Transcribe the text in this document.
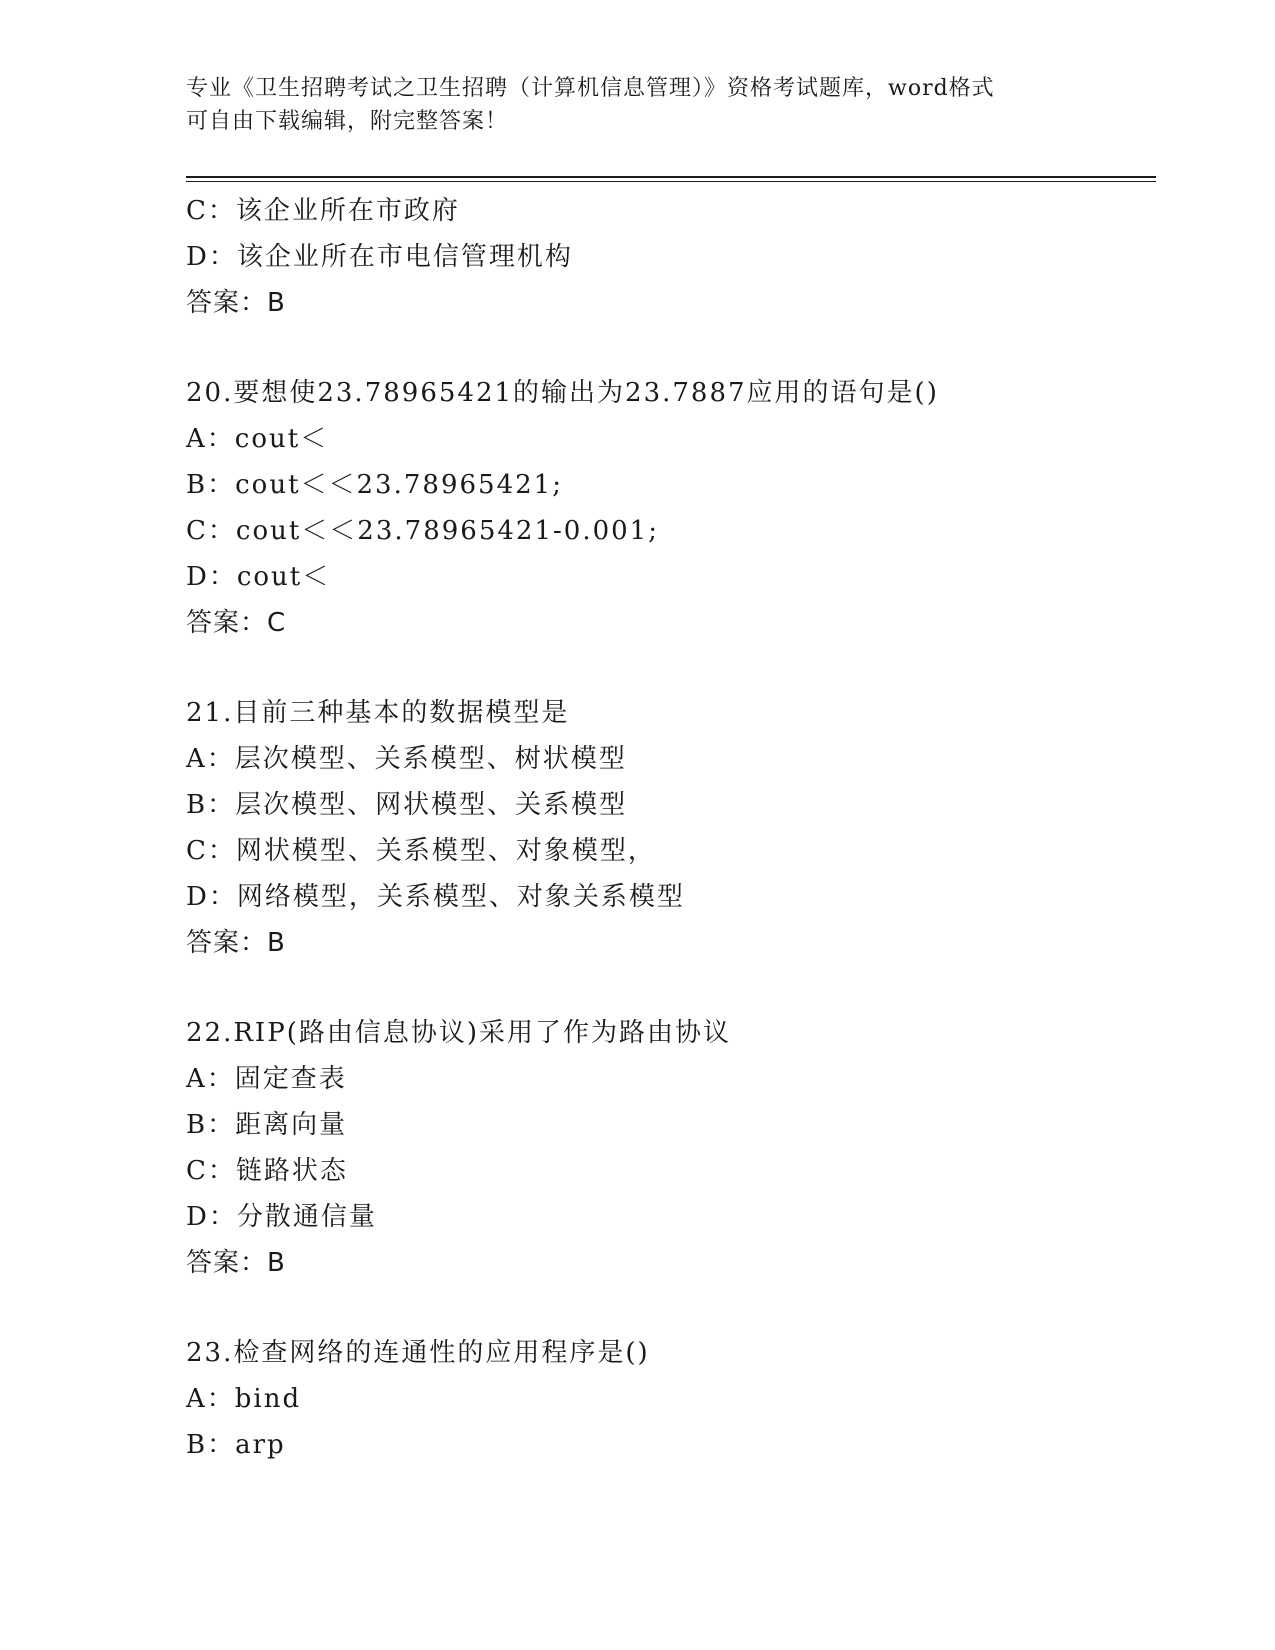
专业《卫生招聘考试之卫生招聘（计算机信息管理）》资格考试题库，word格式
可自由下载编辑，附完整答案！
C：该企业所在市政府
D：该企业所在市电信管理机构
答案：B
20.要想使23.78965421的输出为23.7887应用的语句是()
A：cout＜
B：cout＜＜23.78965421;
C：cout＜＜23.78965421-0.001;
D：cout＜
答案：C
21.目前三种基本的数据模型是
A：层次模型、关系模型、树状模型
B：层次模型、网状模型、关系模型
C：网状模型、关系模型、对象模型，
D：网络模型，关系模型、对象关系模型
答案：B
22.RIP(路由信息协议)采用了作为路由协议
A：固定查表
B：距离向量
C：链路状态
D：分散通信量
答案：B
23.检查网络的连通性的应用程序是()
A：bind
B：arp
